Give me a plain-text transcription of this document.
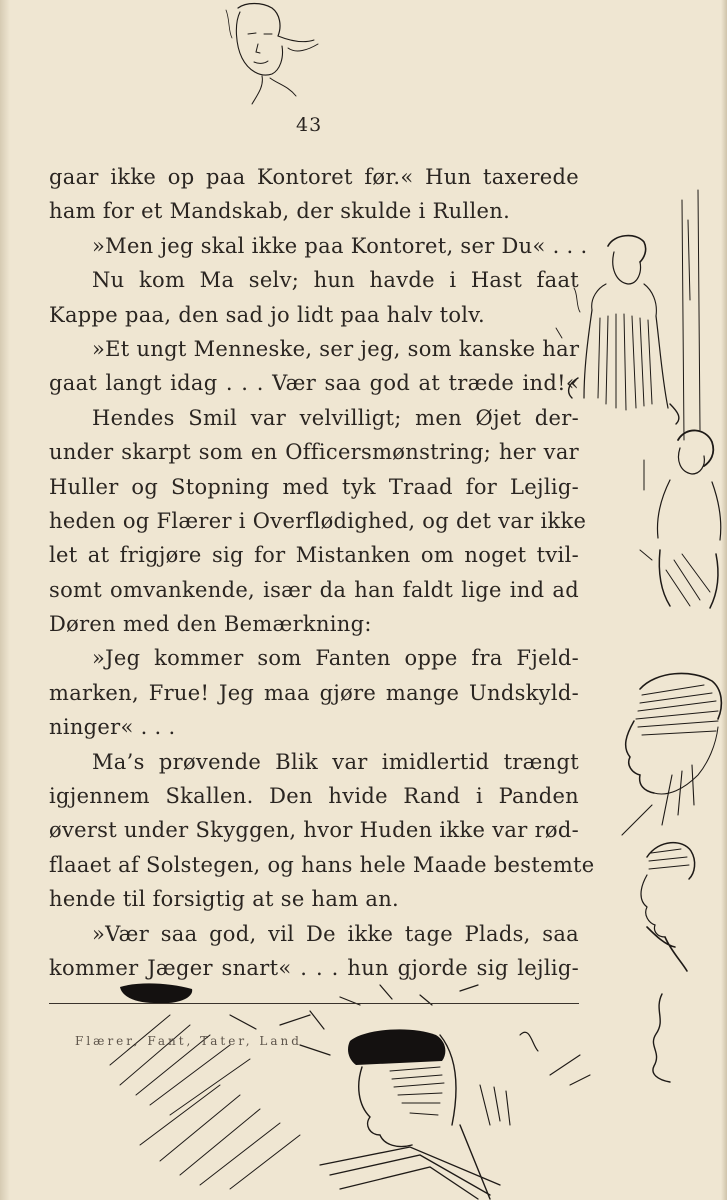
43
gaar ikke op paa Kontoret før.« Hun taxerede
ham for et Mandskab, der skulde i Rullen.
»Men jeg skal ikke paa Kontoret, ser Du« . . .
Nu kom Ma selv; hun havde i Hast faat
Kappe paa, den sad jo lidt paa halv tolv.
»Et ungt Menneske, ser jeg, som kanske har
gaat langt idag . . . Vær saa god at træde ind!«
Hendes Smil var velvilligt; men Øjet der-
under skarpt som en Officersmønstring; her var
Huller og Stopning med tyk Traad for Lejlig-
heden og Flærer i Overflødighed, og det var ikke
let at frigjøre sig for Mistanken om noget tvil-
somt omvankende, især da han faldt lige ind ad
Døren med den Bemærkning:
»Jeg kommer som Fanten oppe fra Fjeld-
marken, Frue! Jeg maa gjøre mange Undskyld-
ninger« . . .
Ma’s prøvende Blik var imidlertid trængt
igjennem Skallen. Den hvide Rand i Panden
øverst under Skyggen, hvor Huden ikke var rød-
flaaet af Solstegen, og hans hele Maade bestemte
hende til forsigtig at se ham an.
»Vær saa god, vil De ikke tage Plads, saa
kommer Jæger snart« . . . hun gjorde sig lejlig-
Flærer, Fant, Tater, Land
